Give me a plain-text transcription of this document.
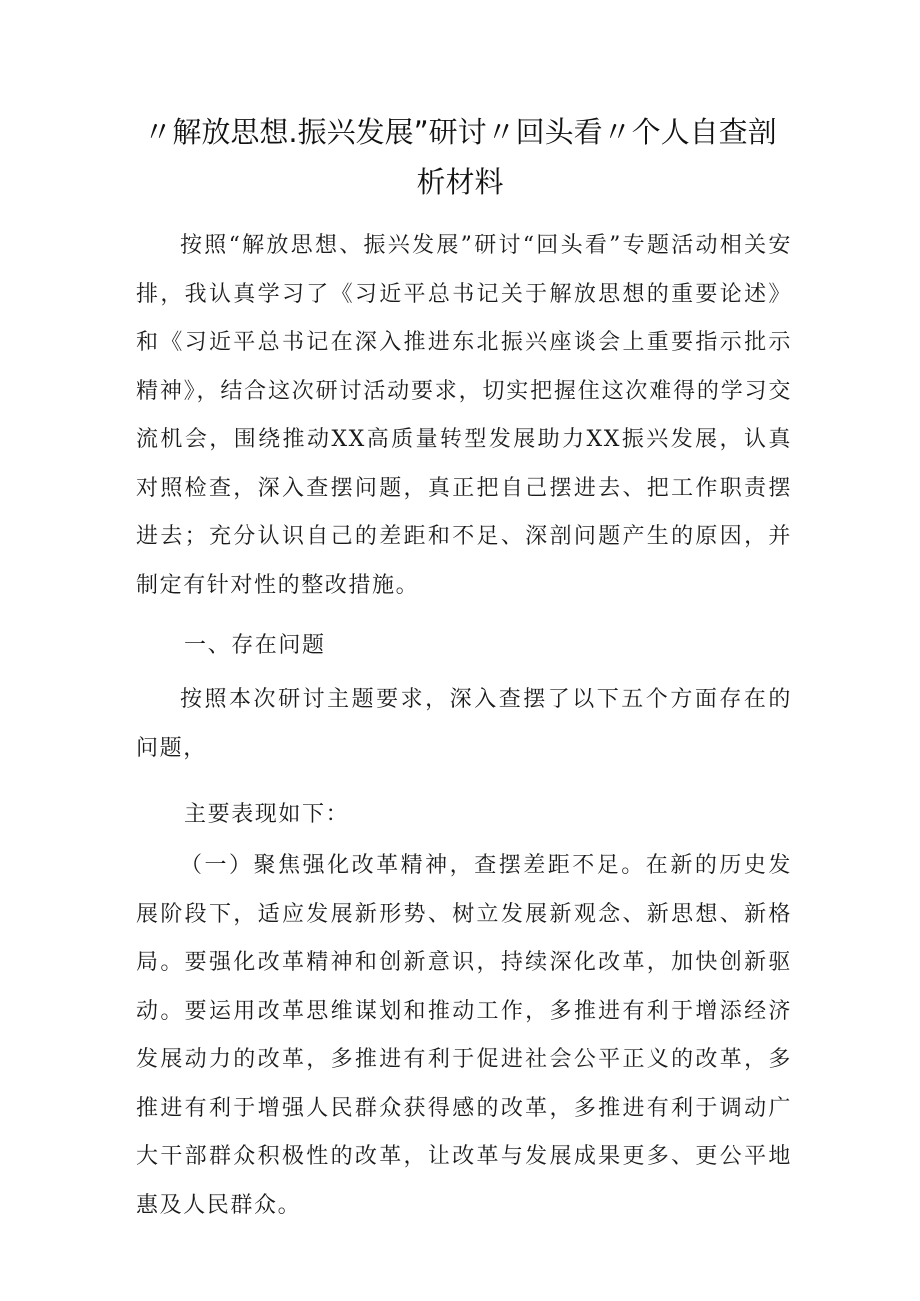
〃解放思想.振兴发展”研讨〃回头看〃个人自查剖
析材料

按照“解放思想、振兴发展”研讨“回头看”专题活动相关安排，我认真学习了《习近平总书记关于解放思想的重要论述》和《习近平总书记在深入推进东北振兴座谈会上重要指示批示精神》，结合这次研讨活动要求，切实把握住这次难得的学习交流机会，围绕推动XX高质量转型发展助力XX振兴发展，认真对照检查，深入查摆问题，真正把自己摆进去、把工作职责摆进去；充分认识自己的差距和不足、深剖问题产生的原因，并制定有针对性的整改措施。

一、存在问题

按照本次研讨主题要求，深入查摆了以下五个方面存在的问题，

主要表现如下：

（一）聚焦强化改革精神，查摆差距不足。在新的历史发展阶段下，适应发展新形势、树立发展新观念、新思想、新格局。要强化改革精神和创新意识，持续深化改革，加快创新驱动。要运用改革思维谋划和推动工作，多推进有利于增添经济发展动力的改革，多推进有利于促进社会公平正义的改革，多推进有利于增强人民群众获得感的改革，多推进有利于调动广大干部群众积极性的改革，让改革与发展成果更多、更公平地惠及人民群众。
